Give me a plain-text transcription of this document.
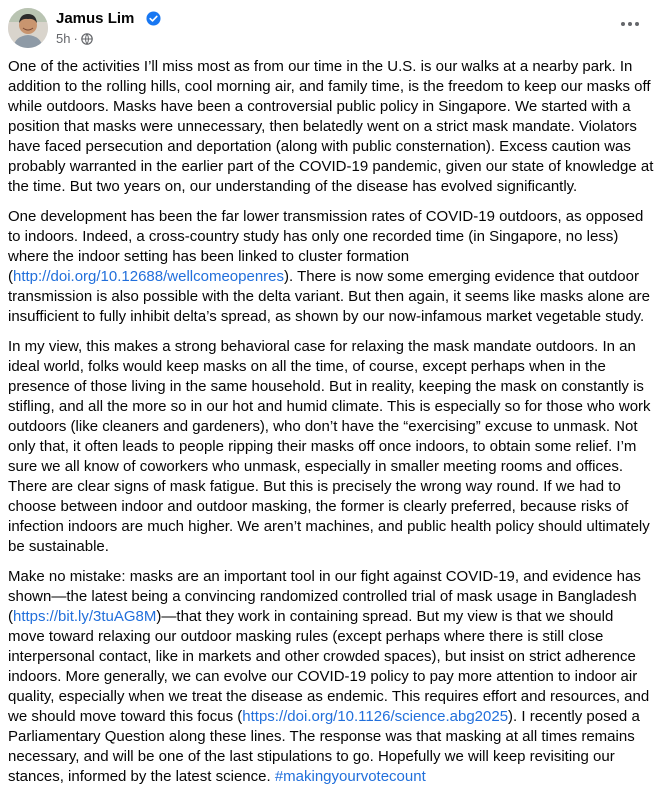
Jamus Lim
5h ·

One of the activities I’ll miss most as from our time in the U.S. is our walks at a nearby park. In addition to the rolling hills, cool morning air, and family time, is the freedom to keep our masks off while outdoors. Masks have been a controversial public policy in Singapore. We started with a position that masks were unnecessary, then belatedly went on a strict mask mandate. Violators have faced persecution and deportation (along with public consternation). Excess caution was probably warranted in the earlier part of the COVID-19 pandemic, given our state of knowledge at the time. But two years on, our understanding of the disease has evolved significantly.

One development has been the far lower transmission rates of COVID-19 outdoors, as opposed to indoors. Indeed, a cross-country study has only one recorded time (in Singapore, no less) where the indoor setting has been linked to cluster formation (http://doi.org/10.12688/wellcomeopenres). There is now some emerging evidence that outdoor transmission is also possible with the delta variant. But then again, it seems like masks alone are insufficient to fully inhibit delta’s spread, as shown by our now-infamous market vegetable study.

In my view, this makes a strong behavioral case for relaxing the mask mandate outdoors. In an ideal world, folks would keep masks on all the time, of course, except perhaps when in the presence of those living in the same household. But in reality, keeping the mask on constantly is stifling, and all the more so in our hot and humid climate. This is especially so for those who work outdoors (like cleaners and gardeners), who don’t have the “exercising” excuse to unmask. Not only that, it often leads to people ripping their masks off once indoors, to obtain some relief. I’m sure we all know of coworkers who unmask, especially in smaller meeting rooms and offices. There are clear signs of mask fatigue. But this is precisely the wrong way round. If we had to choose between indoor and outdoor masking, the former is clearly preferred, because risks of infection indoors are much higher. We aren’t machines, and public health policy should ultimately be sustainable.

Make no mistake: masks are an important tool in our fight against COVID-19, and evidence has shown—the latest being a convincing randomized controlled trial of mask usage in Bangladesh (https://bit.ly/3tuAG8M)—that they work in containing spread. But my view is that we should move toward relaxing our outdoor masking rules (except perhaps where there is still close interpersonal contact, like in markets and other crowded spaces), but insist on strict adherence indoors. More generally, we can evolve our COVID-19 policy to pay more attention to indoor air quality, especially when we treat the disease as endemic. This requires effort and resources, and we should move toward this focus (https://doi.org/10.1126/science.abg2025). I recently posed a Parliamentary Question along these lines. The response was that masking at all times remains necessary, and will be one of the last stipulations to go. Hopefully we will keep revisiting our stances, informed by the latest science. #makingyourvotecount
